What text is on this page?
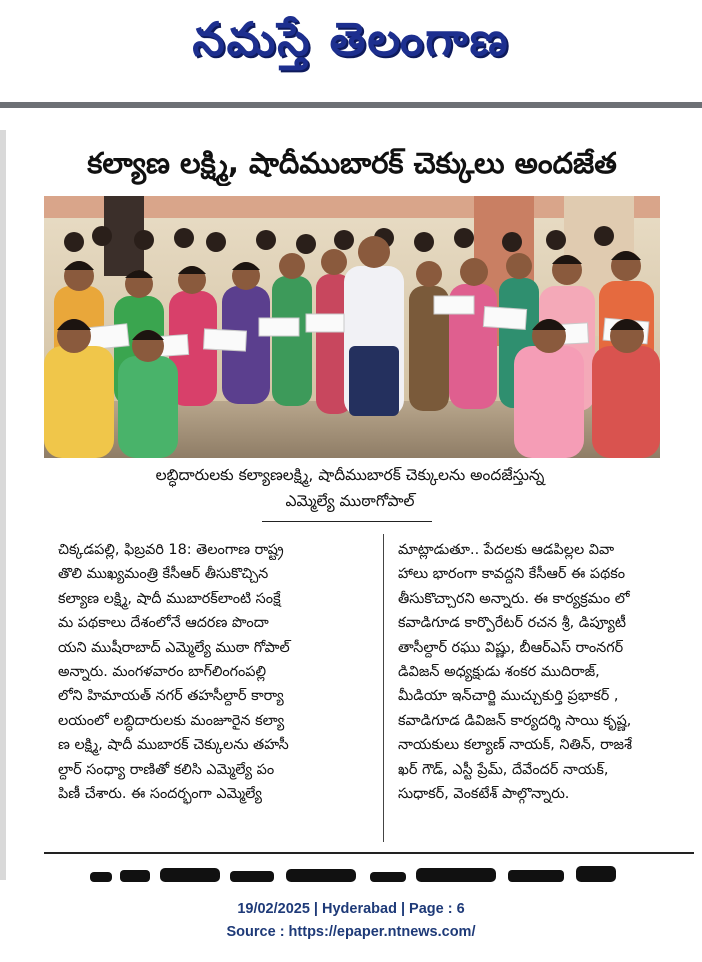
నమస్తే తెలంగాణ
కల్యాణ లక్ష్మి, షాదీముబారక్ చెక్కులు అందజేత
లబ్ధిదారులకు కల్యాణలక్ష్మి, షాదీముబారక్ చెక్కులను అందజేస్తున్న
ఎమ్మెల్యే ముఠాగోపాల్
చిక్కడపల్లి, ఫిబ్రవరి 18: తెలంగాణ రాష్ట్ర
తొలి ముఖ్యమంత్రి కేసీఆర్ తీసుకొచ్చిన
కల్యాణ లక్ష్మి, షాదీ ముబారక్‌లాంటి సంక్షే
మ పథకాలు దేశంలోనే ఆదరణ పొందా
యని ముషీరాబాద్ ఎమ్మెల్యే ముఠా గోపాల్
అన్నారు. మంగళవారం బాగ్‌లింగంపల్లి
లోని హిమాయత్ నగర్ తహసీల్దార్ కార్యా
లయంలో లబ్ధిదారులకు మంజూరైన కల్యా
ణ లక్ష్మి, షాదీ ముబారక్ చెక్కులను తహసీ
ల్దార్ సంధ్యా రాణితో కలిసి ఎమ్మెల్యే పం
పిణీ చేశారు. ఈ సందర్భంగా ఎమ్మెల్యే
మాట్లాడుతూ.. పేదలకు ఆడపిల్లల వివా
హాలు భారంగా కావద్దని కేసీఆర్ ఈ పథకం
తీసుకొచ్చారని అన్నారు. ఈ కార్యక్రమం లో
కవాడిగూడ కార్పొరేటర్ రచన శ్రీ, డిప్యూటీ
తాసీల్దార్ రఘు విష్ణు, బీఆర్ఎస్ రాంనగర్
డివిజన్ అధ్యక్షుడు శంకర ముదిరాజ్,
మీడియా ఇన్‌చార్జి ముచ్చుకుర్తి ప్రభాకర్ ,
కవాడిగూడ డివిజన్ కార్యదర్శి సాయి కృష్ణ,
నాయకులు కల్యాణ్ నాయక్, నితిన్, రాజశే
ఖర్ గౌడ్, ఎస్టీ ప్రేమ్, దేవేందర్ నాయక్,
సుధాకర్, వెంకటేశ్ పాల్గొన్నారు.
19/02/2025 | Hyderabad | Page : 6
Source : https://epaper.ntnews.com/
